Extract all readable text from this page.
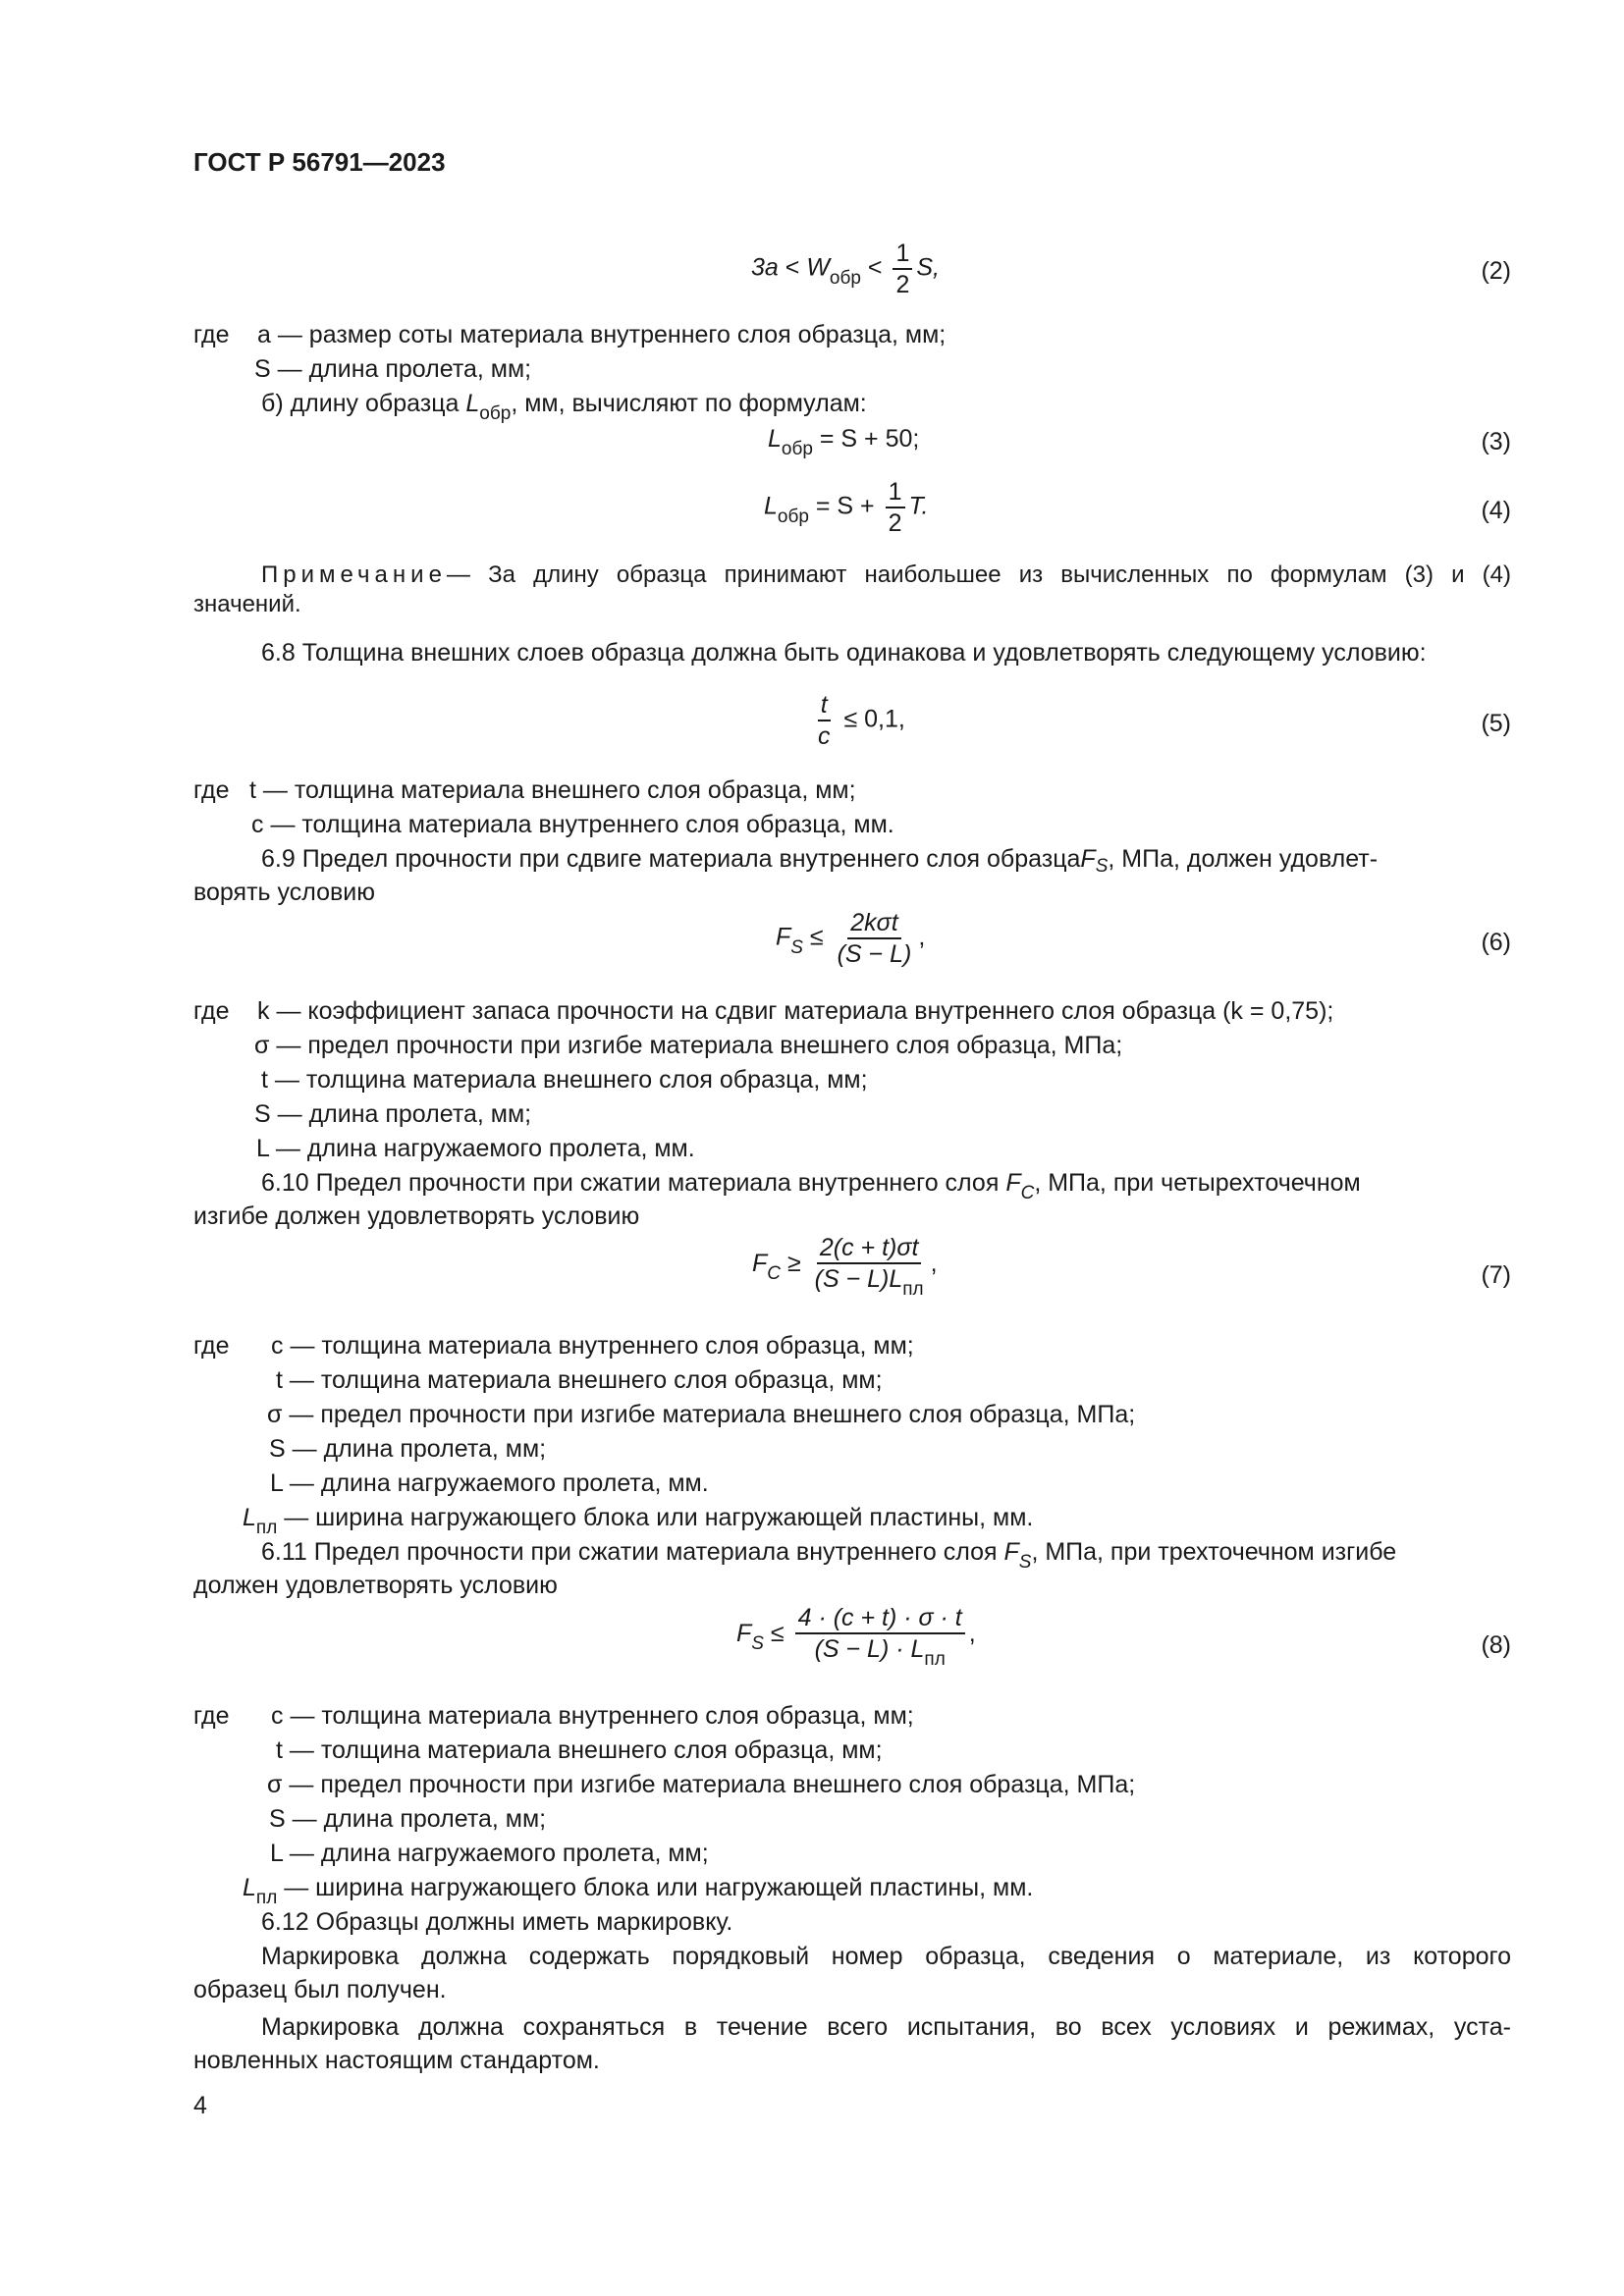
ГОСТ Р 56791—2023
$3a < W_{обр} < \frac{1}{2} S$,	(2)
где a — размер соты материала внутреннего слоя образца, мм;
S — длина пролета, мм;
б) длину образца $L_{обр}$, мм, вычисляют по формулам:
$L_{обр} = S + 50$;	(3)
$L_{обр} = S + \frac{1}{2} T$.	(4)
Примечание — За длину образца принимают наибольшее из вычисленных по формулам (3) и (4)
значений.
6.8 Толщина внешних слоев образца должна быть одинакова и удовлетворять следующему условию:
$\frac{t}{c} \le 0,1$,	(5)
где t — толщина материала внешнего слоя образца, мм;
c — толщина материала внутреннего слоя образца, мм.
6.9 Предел прочности при сдвиге материала внутреннего слоя образца F S , МПа, должен удовлет-
ворять условию
$F_S \le \frac{\text{2kσt}}{(S - L)}$ ,	(6)
где k — коэффициент запаса прочности на сдвиг материала внутреннего слоя образца (k = 0,75);
σ — предел прочности при изгибе материала внешнего слоя образца, МПа;
t — толщина материала внешнего слоя образца, мм;
S — длина пролета, мм;
L — длина нагружаемого пролета, мм.
6.10 Предел прочности при сжатии материала внутреннего слоя $F_C$, МПа, при четырехточечном
изгибе должен удовлетворять условию
$F_C \ge \frac{2(c + t)\sigma t}{(S - L)L_{пл}}$ ,	(7)
где c — толщина материала внутреннего слоя образца, мм;
t — толщина материала внешнего слоя образца, мм;
σ — предел прочности при изгибе материала внешнего слоя образца, МПа;
S — длина пролета, мм;
L — длина нагружаемого пролета, мм.
$L_{пл}$ — ширина нагружающего блока или нагружающей пластины, мм.
6.11 Предел прочности при сжатии материала внутреннего слоя $F_S$, МПа, при трехточечном изгибе
должен удовлетворять условию
$F_S \le \frac{4 \cdot (c + t) \cdot \sigma \cdot t}{(S - L) \cdot L_{пл}}$ ,	(8)
где c — толщина материала внутреннего слоя образца, мм;
t — толщина материала внешнего слоя образца, мм;
σ — предел прочности при изгибе материала внешнего слоя образца, МПа;
S — длина пролета, мм;
L — длина нагружаемого пролета, мм;
$L_{пл}$ — ширина нагружающего блока или нагружающей пластины, мм.
6.12 Образцы должны иметь маркировку.
Маркировка должна содержать порядковый номер образца, сведения о материале, из которого
образец был получен.
Маркировка должна сохраняться в течение всего испытания, во всех условиях и режимах, уста-
новленных настоящим стандартом.
4
